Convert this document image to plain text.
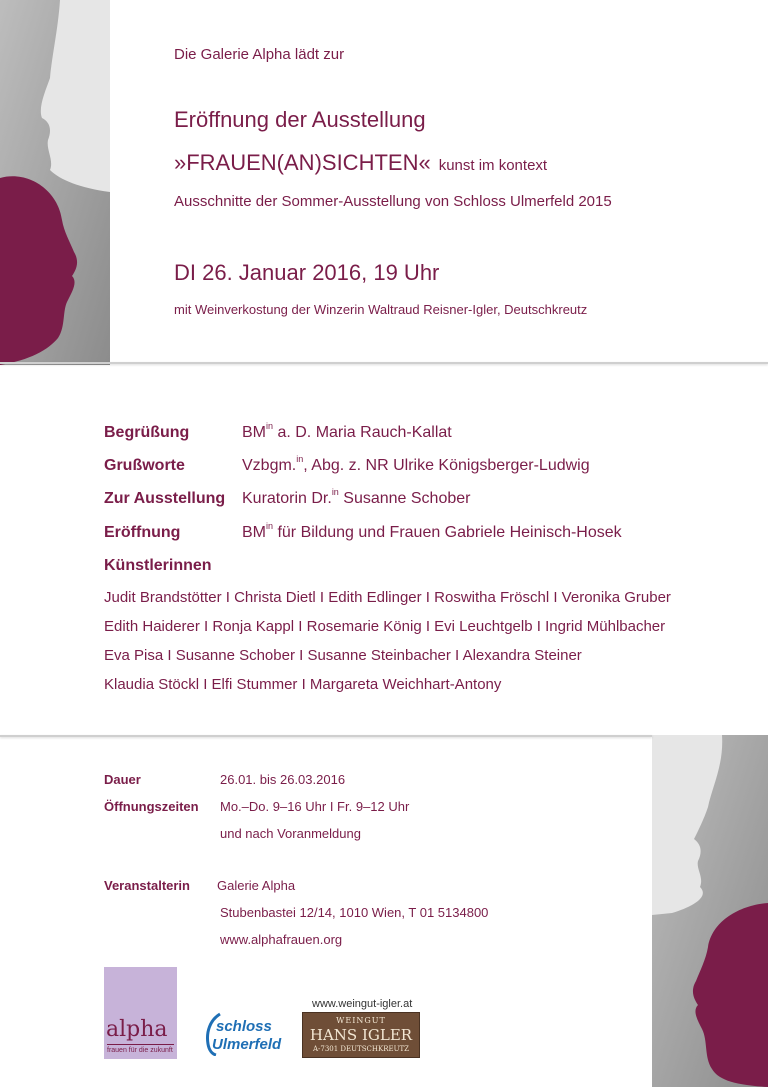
Die Galerie Alpha lädt zur
Eröffnung der Ausstellung
»FRAUEN(AN)SICHTEN« kunst im kontext
Ausschnitte der Sommer-Ausstellung von Schloss Ulmerfeld 2015
DI 26. Januar 2016, 19 Uhr
mit Weinverkostung der Winzerin Waltraud Reisner-Igler, Deutschkreutz
Begrüßung	$BM^{in}$ a. D. Maria Rauch-Kallat
Grußworte	Vzbgm.$^{in}$, Abg. z. NR Ulrike Königsberger-Ludwig
Zur Ausstellung Kuratorin Dr.$^{in}$ Susanne Schober
Eröffnung	$BM^{in}$ für Bildung und Frauen Gabriele Heinisch-Hosek
Künstlerinnen
Judit Brandstötter I Christa Dietl I Edith Edlinger I Roswitha Fröschl I Veronika Gruber
Edith Haiderer I Ronja Kappl I Rosemarie König I Evi Leuchtgelb I Ingrid Mühlbacher
Eva Pisa I Susanne Schober I Susanne Steinbacher I Alexandra Steiner
Klaudia Stöckl I Elfi Stummer I Margareta Weichhart-Antony
Dauer	26.01. bis 26.03.2016
Öffnungszeiten Mo.–Do. 9–16 Uhr I Fr. 9–12 Uhr
und nach Voranmeldung
Veranstalterin Galerie Alpha
Stubenbastei 12/14, 1010 Wien, T 01 5134800
www.alphafrauen.org
alpha
frauen für die zukunft
schloss
Ulmerfeld
www.weingut-igler.at
WEINGUT
HANS IGLER
A-7301 DEUTSCHKREUTZ
